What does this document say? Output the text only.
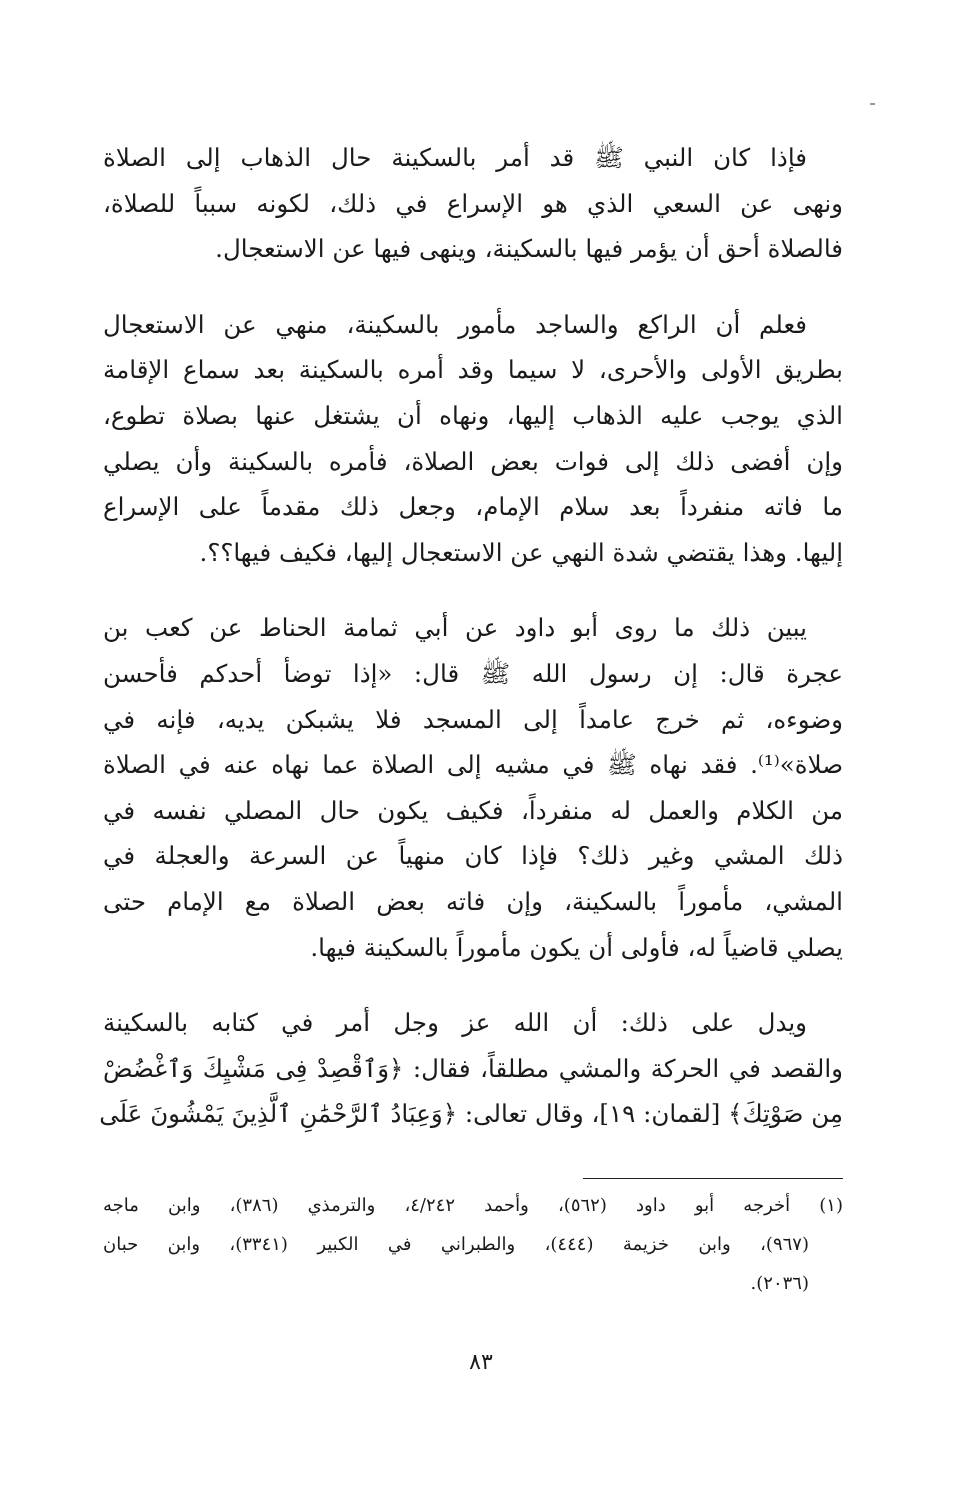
فإذا كان النبي ﷺ قد أمر بالسكينة حال الذهاب إلى الصلاة
ونهى عن السعي الذي هو الإسراع في ذلك، لكونه سبباً للصلاة،
فالصلاة أحق أن يؤمر فيها بالسكينة، وينهى فيها عن الاستعجال.

فعلم أن الراكع والساجد مأمور بالسكينة، منهي عن الاستعجال
بطريق الأولى والأحرى، لا سيما وقد أمره بالسكينة بعد سماع الإقامة
الذي يوجب عليه الذهاب إليها، ونهاه أن يشتغل عنها بصلاة تطوع،
وإن أفضى ذلك إلى فوات بعض الصلاة، فأمره بالسكينة وأن يصلي
ما فاته منفرداً بعد سلام الإمام، وجعل ذلك مقدماً على الإسراع
إليها. وهذا يقتضي شدة النهي عن الاستعجال إليها، فكيف فيها؟؟.

يبين ذلك ما روى أبو داود عن أبي ثمامة الحناط عن كعب بن
عجرة قال: إن رسول الله ﷺ قال: «إذا توضأ أحدكم فأحسن
وضوءه، ثم خرج عامداً إلى المسجد فلا يشبكن يديه، فإنه في
صلاة»⁽¹⁾. فقد نهاه ﷺ في مشيه إلى الصلاة عما نهاه عنه في الصلاة
من الكلام والعمل له منفرداً، فكيف يكون حال المصلي نفسه في
ذلك المشي وغير ذلك؟ فإذا كان منهياً عن السرعة والعجلة في
المشي، مأموراً بالسكينة، وإن فاته بعض الصلاة مع الإمام حتى
يصلي قاضياً له، فأولى أن يكون مأموراً بالسكينة فيها.

ويدل على ذلك: أن الله عز وجل أمر في كتابه بالسكينة
والقصد في الحركة والمشي مطلقاً، فقال: ﴿وَٱقْصِدْ فِى مَشْيِكَ وَٱغْضُضْ
مِن صَوْتِكَ﴾ [لقمان: ١٩]، وقال تعالى: ﴿وَعِبَادُ ٱلرَّحْمَٰنِ ٱلَّذِينَ يَمْشُونَ عَلَى

(١) أخرجه أبو داود (٥٦٢)، وأحمد ٤/٢٤٢، والترمذي (٣٨٦)، وابن ماجه
(٩٦٧)، وابن خزيمة (٤٤٤)، والطبراني في الكبير (٣٣٤١)، وابن حبان
(٢٠٣٦).
٨٣
